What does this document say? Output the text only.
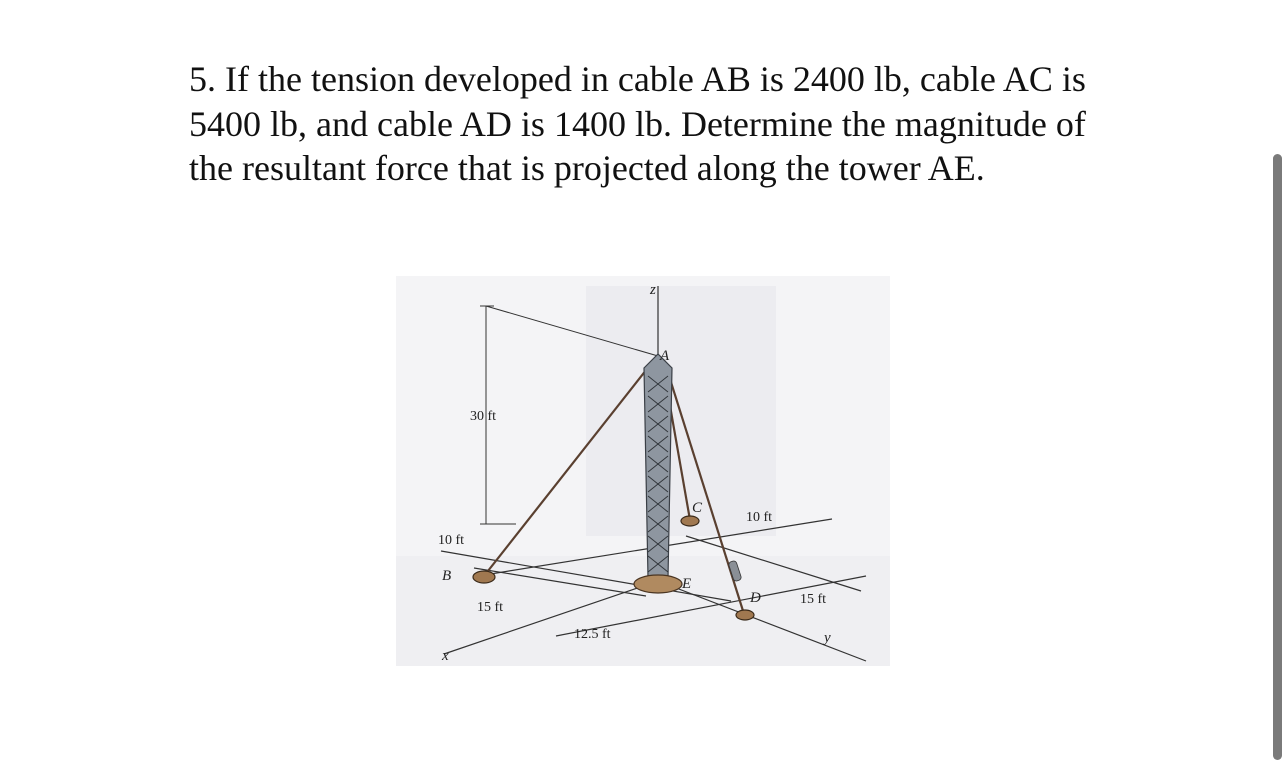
5. If the tension developed in cable AB is 2400 lb, cable AC is 5400 lb, and cable AD is 1400 lb. Determine the magnitude of the resultant force that is projected along the tower AE.

z
x
y
A
B
C
D
E
30 ft
10 ft
10 ft
15 ft
15 ft
12.5 ft
